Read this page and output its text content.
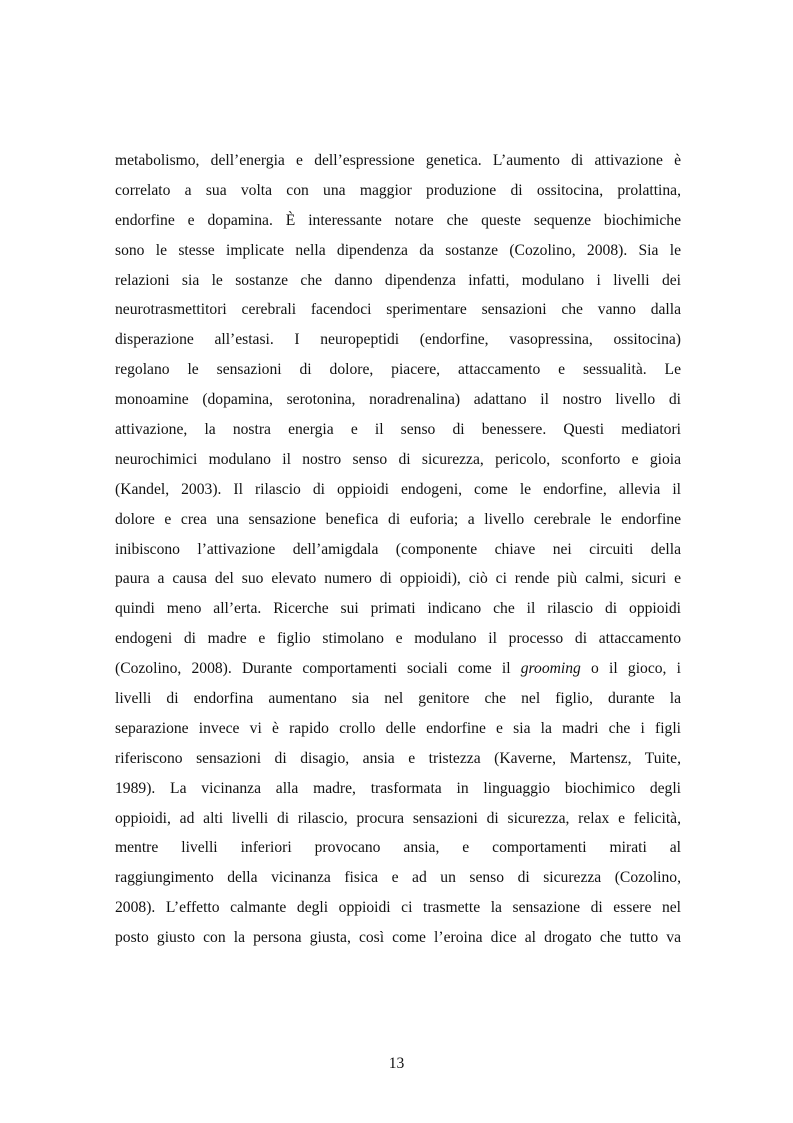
metabolismo, dell’energia e dell’espressione genetica. L’aumento di attivazione è
correlato a sua volta con una maggior produzione di ossitocina, prolattina,
endorfine e dopamina. È interessante notare che queste sequenze biochimiche
sono le stesse implicate nella dipendenza da sostanze (Cozolino, 2008). Sia le
relazioni sia le sostanze che danno dipendenza infatti, modulano i livelli dei
neurotrasmettitori cerebrali facendoci sperimentare sensazioni che vanno dalla
disperazione all’estasi. I neuropeptidi (endorfine, vasopressina, ossitocina)
regolano le sensazioni di dolore, piacere, attaccamento e sessualità. Le
monoamine (dopamina, serotonina, noradrenalina) adattano il nostro livello di
attivazione, la nostra energia e il senso di benessere. Questi mediatori
neurochimici modulano il nostro senso di sicurezza, pericolo, sconforto e gioia
(Kandel, 2003). Il rilascio di oppioidi endogeni, come le endorfine, allevia il
dolore e crea una sensazione benefica di euforia; a livello cerebrale le endorfine
inibiscono l’attivazione dell’amigdala (componente chiave nei circuiti della
paura a causa del suo elevato numero di oppioidi), ciò ci rende più calmi, sicuri e
quindi meno all’erta. Ricerche sui primati indicano che il rilascio di oppioidi
endogeni di madre e figlio stimolano e modulano il processo di attaccamento
(Cozolino, 2008). Durante comportamenti sociali come il grooming o il gioco, i
livelli di endorfina aumentano sia nel genitore che nel figlio, durante la
separazione invece vi è rapido crollo delle endorfine e sia la madri che i figli
riferiscono sensazioni di disagio, ansia e tristezza (Kaverne, Martensz, Tuite,
1989). La vicinanza alla madre, trasformata in linguaggio biochimico degli
oppioidi, ad alti livelli di rilascio, procura sensazioni di sicurezza, relax e felicità,
mentre livelli inferiori provocano ansia, e comportamenti mirati al
raggiungimento della vicinanza fisica e ad un senso di sicurezza (Cozolino,
2008). L’effetto calmante degli oppioidi ci trasmette la sensazione di essere nel
posto giusto con la persona giusta, così come l’eroina dice al drogato che tutto va
13
